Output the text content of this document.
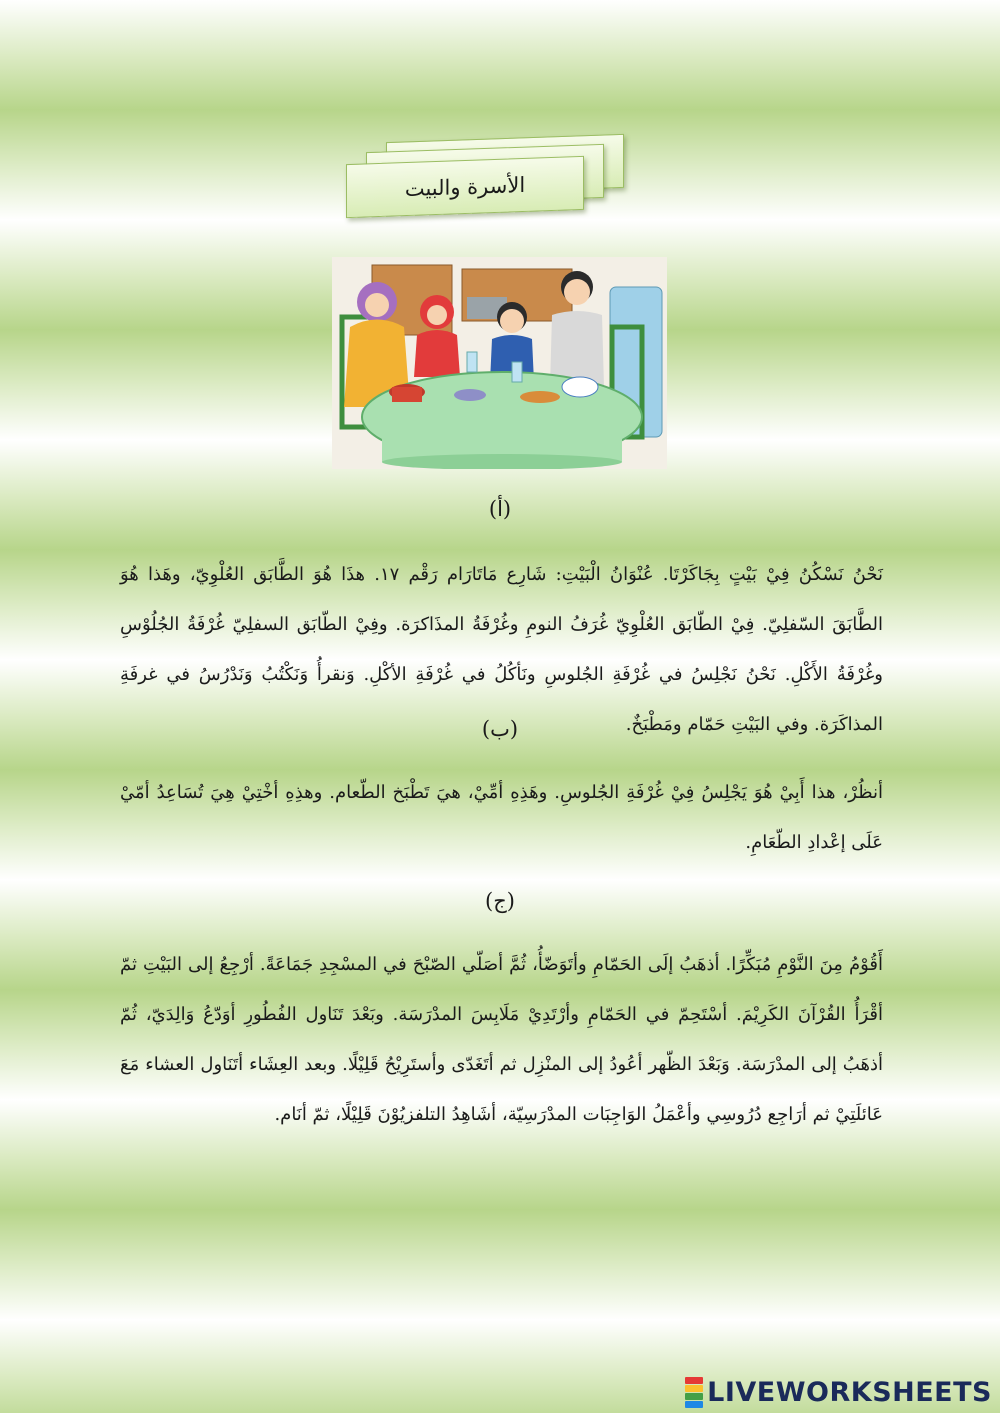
الأسرة والبيت
(أ)
نَحْنُ نَسْكُنُ فِيْ بَيْتٍ بِجَاكَرْتَا. عُنْوَانُ الْبَيْتِ: شَارِع مَاتَارَام رَقْم ١٧. هذَا هُوَ الطَّابَق العُلْوِيّ، وهَذا هُوَ الطَّابَقَ السّفلِيّ. فِيْ الطّابَق العُلْوِيّ غُرَفُ النومِ وغُرْفَةُ المذَاكرَة. وفِيْ الطّابَق السفلِيّ غُرْفَةُ الجُلُوْسِ وغُرْفَةُ الأَكْلِ. نَحْنُ نَجْلِسُ في غُرْفَةِ الجُلوسِ ونَأكُلُ في غُرْفَةِ الأكْلِ. وَنقرأُ وَنَكْتُبُ وَنَدْرُسُ في غرفَةِ المذاكَرَة. وفي البَيْتِ حَمّام ومَطْبَخٌ.
(ب)
أنظُرْ، هذا أَبِيْ هُوَ يَجْلِسُ فِيْ غُرْفَةِ الجُلوسِ. وهَذِهِ أمِّيْ، هيَ تَطْبَخ الطّعام. وهذِهِ أخْتِيْ هِيَ تُسَاعِدُ أمّيْ عَلَى إعْدادِ الطّعَامِ.
(ج)
أَقُوْمُ مِنَ النَّوْمِ مُبَكِّرًا. أذهَبُ إلَى الحَمّامِ وأتَوَضّأُ، ثُمَّ أصَلّي الصّبْحَ في المسْجِدِ جَمَاعَةً. أرْجِعُ إلى البَيْتِ ثمّ أقْرَأُ القُرْآنَ الكَرِيْمَ. أسْتَحِمّ في الحَمّامِ وأرْتَدِيْ مَلَابِسَ المدْرَسَة. وبَعْدَ تَنَاول الفُطُورِ أوَدّعُ وَالِدَيّ، ثُمّ أذهَبُ إلى المدْرَسَة. وَبَعْدَ الظّهر أعُودُ إلى المنْزِل ثم أتَغَدّى وأستَرِيْحُ قَلِيْلًا. وبعد العِشَاء أتَنَاول العشاء مَعَ عَائلَتِيْ ثم أرَاجِع دُرُوسِي وأعْمَلُ الوَاجِبَات المدْرَسِيّة، أشَاهِدُ التلفزيُوْنَ قَلِيْلًا، ثمّ أنَام.
LIVEWORKSHEETS
